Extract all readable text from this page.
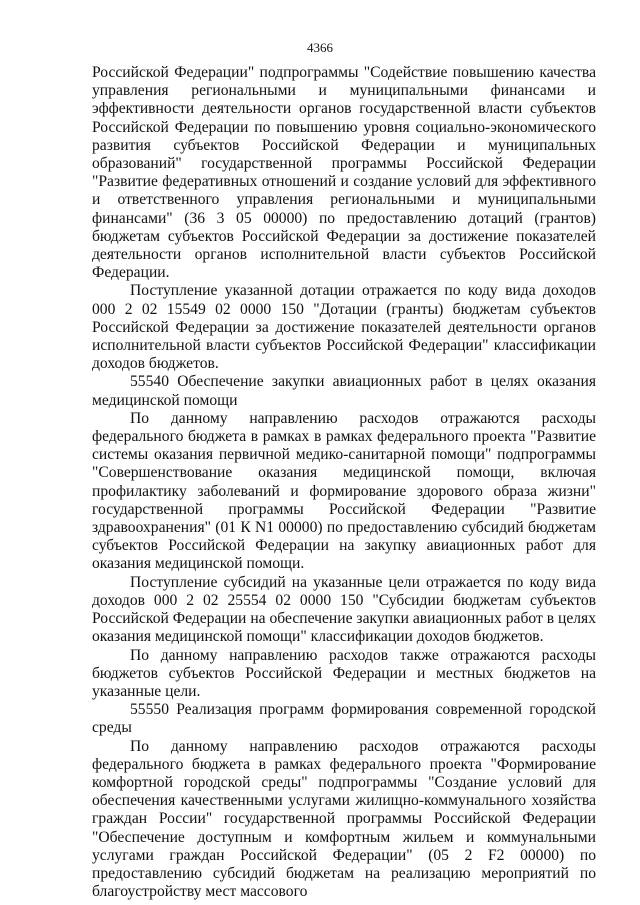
4366

Российской Федерации" подпрограммы "Содействие повышению качества управления региональными и муниципальными финансами и эффективности деятельности органов государственной власти субъектов Российской Федерации по повышению уровня социально-экономического развития субъектов Российской Федерации и муниципальных образований" государственной программы Российской Федерации "Развитие федеративных отношений и создание условий для эффективного и ответственного управления региональными и муниципальными финансами" (36 3 05 00000) по предоставлению дотаций (грантов) бюджетам субъектов Российской Федерации за достижение показателей деятельности органов исполнительной власти субъектов Российской Федерации.

Поступление указанной дотации отражается по коду вида доходов 000 2 02 15549 02 0000 150 "Дотации (гранты) бюджетам субъектов Российской Федерации за достижение показателей деятельности органов исполнительной власти субъектов Российской Федерации" классификации доходов бюджетов.

55540 Обеспечение закупки авиационных работ в целях оказания медицинской помощи

По данному направлению расходов отражаются расходы федерального бюджета в рамках в рамках федерального проекта "Развитие системы оказания первичной медико-санитарной помощи" подпрограммы "Совершенствование оказания медицинской помощи, включая профилактику заболеваний и формирование здорового образа жизни" государственной программы Российской Федерации "Развитие здравоохранения" (01 К N1 00000) по предоставлению субсидий бюджетам субъектов Российской Федерации на закупку авиационных работ для оказания медицинской помощи.

Поступление субсидий на указанные цели отражается по коду вида доходов 000 2 02 25554 02 0000 150 "Субсидии бюджетам субъектов Российской Федерации на обеспечение закупки авиационных работ в целях оказания медицинской помощи" классификации доходов бюджетов.

По данному направлению расходов также отражаются расходы бюджетов субъектов Российской Федерации и местных бюджетов на указанные цели.

55550 Реализация программ формирования современной городской среды

По данному направлению расходов отражаются расходы федерального бюджета в рамках федерального проекта "Формирование комфортной городской среды" подпрограммы "Создание условий для обеспечения качественными услугами жилищно-коммунального хозяйства граждан России" государственной программы Российской Федерации "Обеспечение доступным и комфортным жильем и коммунальными услугами граждан Российской Федерации" (05 2 F2 00000) по предоставлению субсидий бюджетам на реализацию мероприятий по благоустройству мест массового
